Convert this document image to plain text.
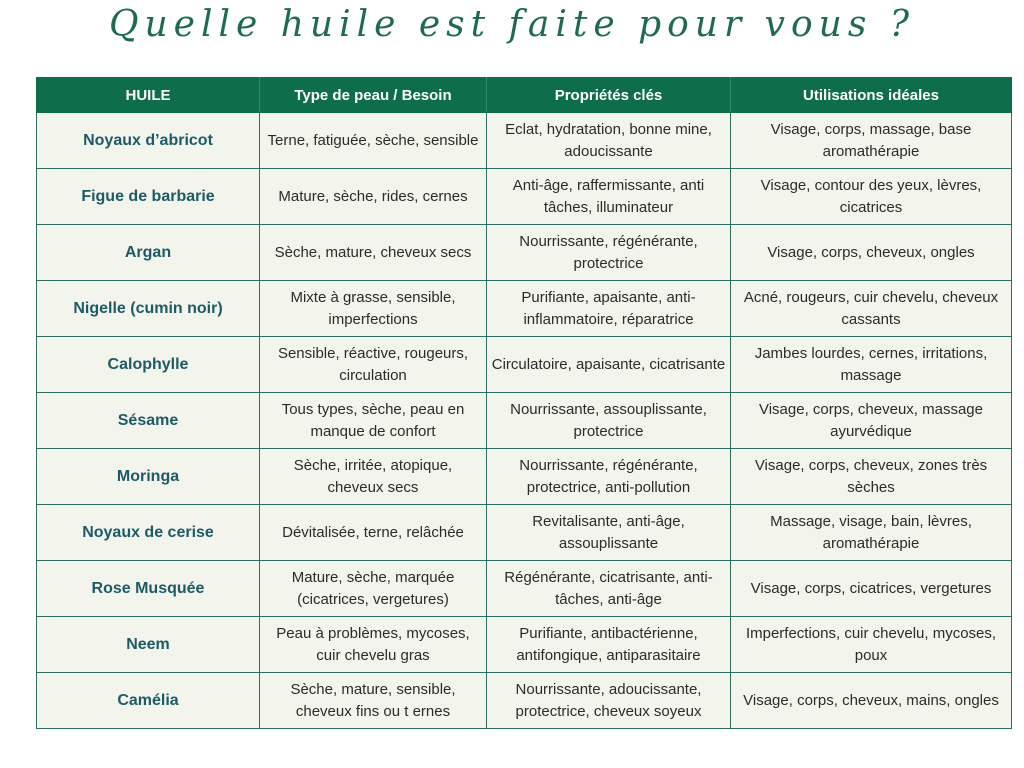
Quelle huile est faite pour vous ?
HUILE	Type de peau / Besoin	Propriétés clés	Utilisations idéales
Noyaux d’abricot	Terne, fatiguée, sèche, sensible	Eclat, hydratation, bonne mine, adoucissante	Visage, corps, massage, base aromathérapie
Figue de barbarie	Mature, sèche, rides, cernes	Anti-âge, raffermissante, anti tâches, illuminateur	Visage, contour des yeux, lèvres, cicatrices
Argan	Sèche, mature, cheveux secs	Nourrissante, régénérante, protectrice	Visage, corps, cheveux, ongles
Nigelle (cumin noir)	Mixte à grasse, sensible, imperfections	Purifiante, apaisante, anti-inflammatoire, réparatrice	Acné, rougeurs, cuir chevelu, cheveux cassants
Calophylle	Sensible, réactive, rougeurs, circulation	Circulatoire, apaisante, cicatrisante	Jambes lourdes, cernes, irritations, massage
Sésame	Tous types, sèche, peau en manque de confort	Nourrissante, assouplissante, protectrice	Visage, corps, cheveux, massage ayurvédique
Moringa	Sèche, irritée, atopique, cheveux secs	Nourrissante, régénérante, protectrice, anti-pollution	Visage, corps, cheveux, zones très sèches
Noyaux de cerise	Dévitalisée, terne, relâchée	Revitalisante, anti-âge, assouplissante	Massage, visage, bain, lèvres, aromathérapie
Rose Musquée	Mature, sèche, marquée (cicatrices, vergetures)	Régénérante, cicatrisante, anti-tâches, anti-âge	Visage, corps, cicatrices, vergetures
Neem	Peau à problèmes, mycoses, cuir chevelu gras	Purifiante, antibactérienne, antifongique, antiparasitaire	Imperfections, cuir chevelu, mycoses, poux
Camélia	Sèche, mature, sensible, cheveux fins ou t ernes	Nourrissante, adoucissante, protectrice, cheveux soyeux	Visage, corps, cheveux, mains, ongles
